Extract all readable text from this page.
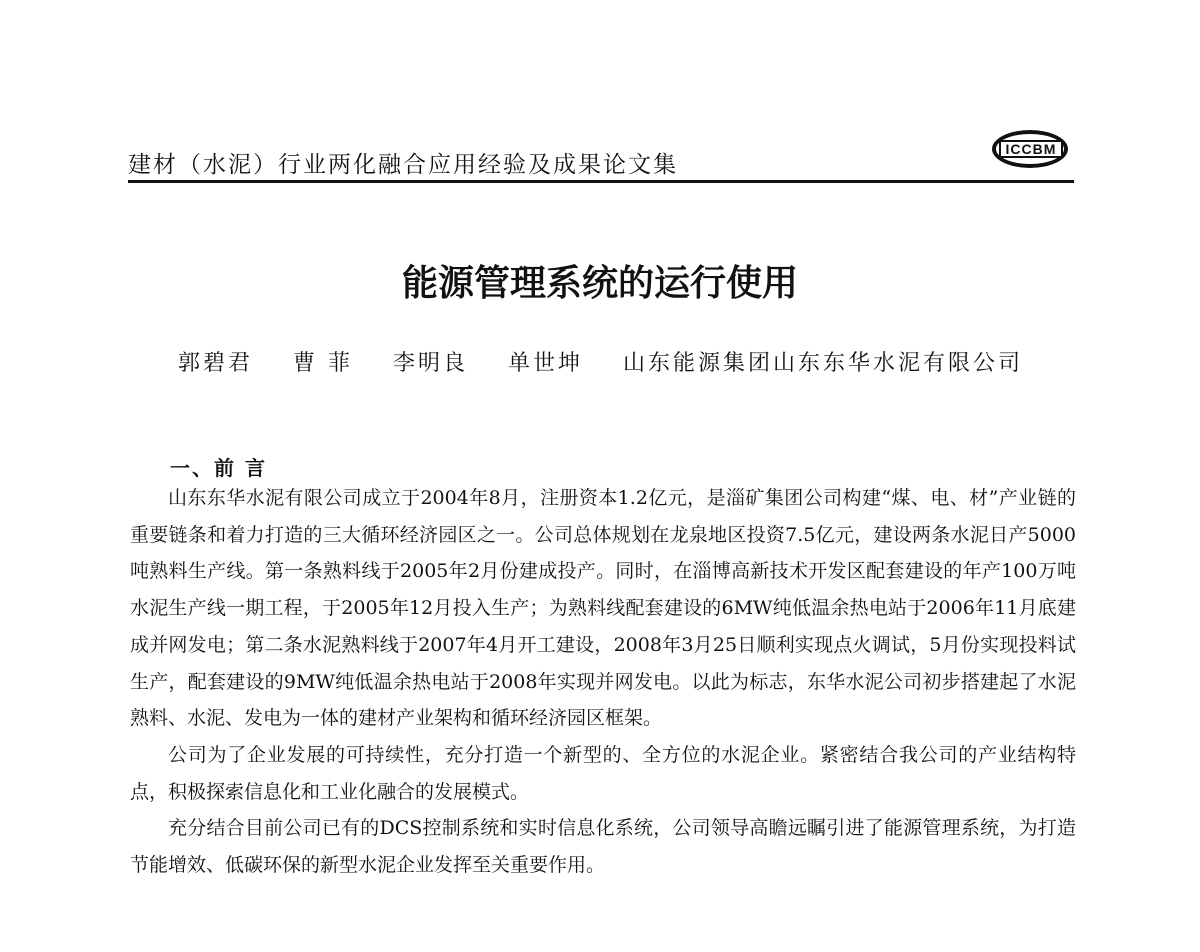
建材（水泥）行业两化融合应用经验及成果论文集
ICCBM
能源管理系统的运行使用
郭碧君 曹 菲 李明良 单世坤 山东能源集团山东东华水泥有限公司
一、前 言

山东东华水泥有限公司成立于2004年8月，注册资本1.2亿元，是淄矿集团公司构建“煤、电、材”产业链的重要链条和着力打造的三大循环经济园区之一。公司总体规划在龙泉地区投资7.5亿元，建设两条水泥日产5000吨熟料生产线。第一条熟料线于2005年2月份建成投产。同时，在淄博高新技术开发区配套建设的年产100万吨水泥生产线一期工程，于2005年12月投入生产；为熟料线配套建设的6MW纯低温余热电站于2006年11月底建成并网发电；第二条水泥熟料线于2007年4月开工建设，2008年3月25日顺利实现点火调试，5月份实现投料试生产，配套建设的9MW纯低温余热电站于2008年实现并网发电。以此为标志，东华水泥公司初步搭建起了水泥熟料、水泥、发电为一体的建材产业架构和循环经济园区框架。

公司为了企业发展的可持续性，充分打造一个新型的、全方位的水泥企业。紧密结合我公司的产业结构特点，积极探索信息化和工业化融合的发展模式。

充分结合目前公司已有的DCS控制系统和实时信息化系统，公司领导高瞻远瞩引进了能源管理系统，为打造节能增效、低碳环保的新型水泥企业发挥至关重要作用。
